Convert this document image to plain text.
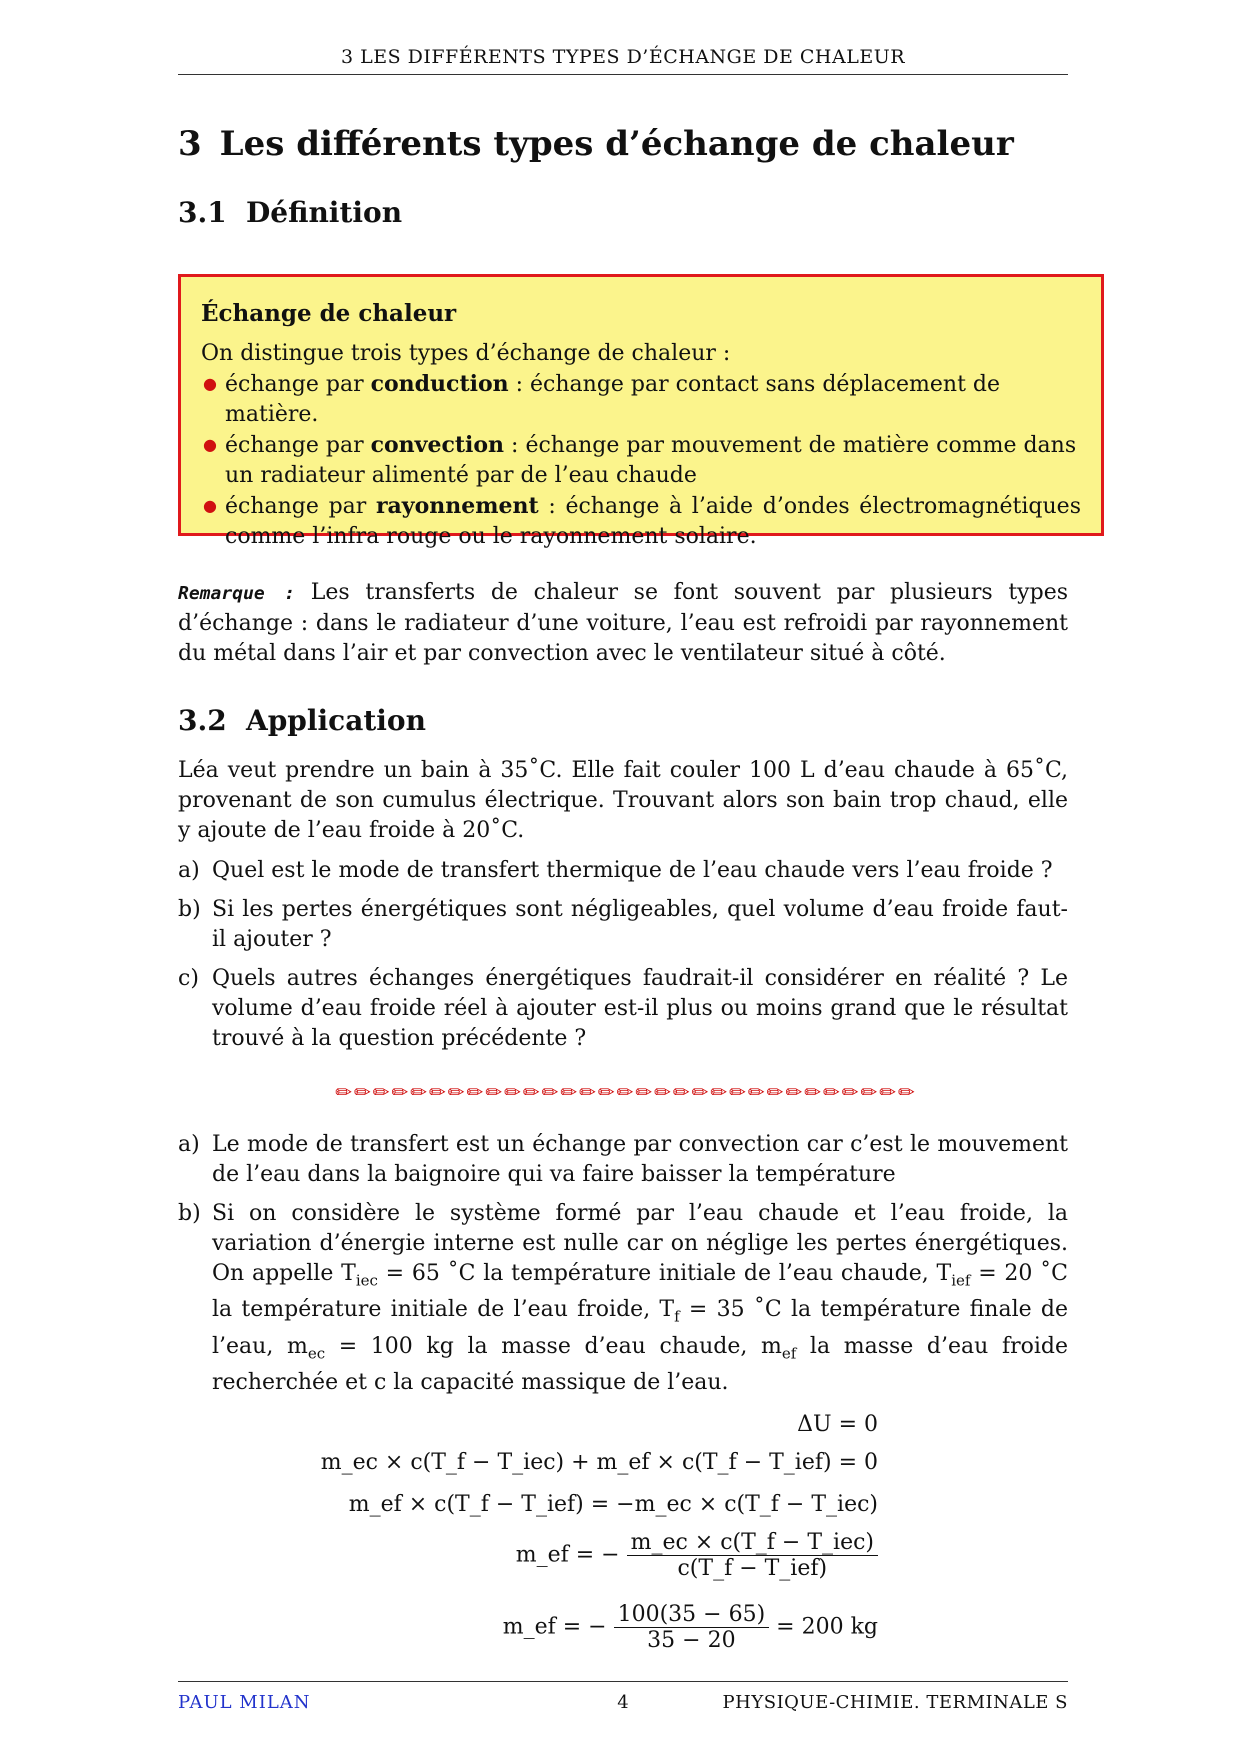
3 LES DIFFÉRENTS TYPES D’ÉCHANGE DE CHALEUR
3 Les différents types d’échange de chaleur
3.1 Définition
Échange de chaleur
On distingue trois types d’échange de chaleur :
● échange par conduction : échange par contact sans déplacement de matière.
● échange par convection : échange par mouvement de matière comme dans un radiateur alimenté par de l’eau chaude
● échange par rayonnement : échange à l’aide d’ondes électromagnétiques comme l’infra rouge ou le rayonnement solaire.
Remarque : Les transferts de chaleur se font souvent par plusieurs types d’échange : dans le radiateur d’une voiture, l’eau est refroidi par rayonnement du métal dans l’air et par convection avec le ventilateur situé à côté.
3.2 Application
Léa veut prendre un bain à 35˚C. Elle fait couler 100 L d’eau chaude à 65˚C, provenant de son cumulus électrique. Trouvant alors son bain trop chaud, elle y ajoute de l’eau froide à 20˚C.
a) Quel est le mode de transfert thermique de l’eau chaude vers l’eau froide ?
b) Si les pertes énergétiques sont négligeables, quel volume d’eau froide faut-il ajouter ?
c) Quels autres échanges énergétiques faudrait-il considérer en réalité ? Le volume d’eau froide réel à ajouter est-il plus ou moins grand que le résultat trouvé à la question précédente ?
✏✏✏✏✏✏✏✏✏✏✏✏✏✏✏✏✏✏✏✏✏✏✏✏✏✏✏✏✏✏✏
a) Le mode de transfert est un échange par convection car c’est le mouvement de l’eau dans la baignoire qui va faire baisser la température
b) Si on considère le système formé par l’eau chaude et l’eau froide, la variation d’énergie interne est nulle car on néglige les pertes énergétiques. On appelle $T_{iec} = 65$ ˚C la température initiale de l’eau chaude, $T_{ief} = 20$ ˚C la température initiale de l’eau froide, $T_f = 35$ ˚C la température finale de l’eau, $m_{ec} = 100$ kg la masse d’eau chaude, $m_{ef}$ la masse d’eau froide recherchée et c la capacité massique de l’eau.
ΔU = 0
m_ec × c(T_f − T_iec) + m_ef × c(T_f − T_ief) = 0
m_ef × c(T_f − T_ief) = −m_ec × c(T_f − T_iec)
m_ef = − $\frac{\text{m\_ec × c(T\_f − T\_iec)}}{\text{c(T\_f − T\_ief)}}$
m_ef = − $\frac{100(35 - 65)}{35 - 20} = 200$ kg
PAUL MILAN	4	PHYSIQUE-CHIMIE. TERMINALE S
